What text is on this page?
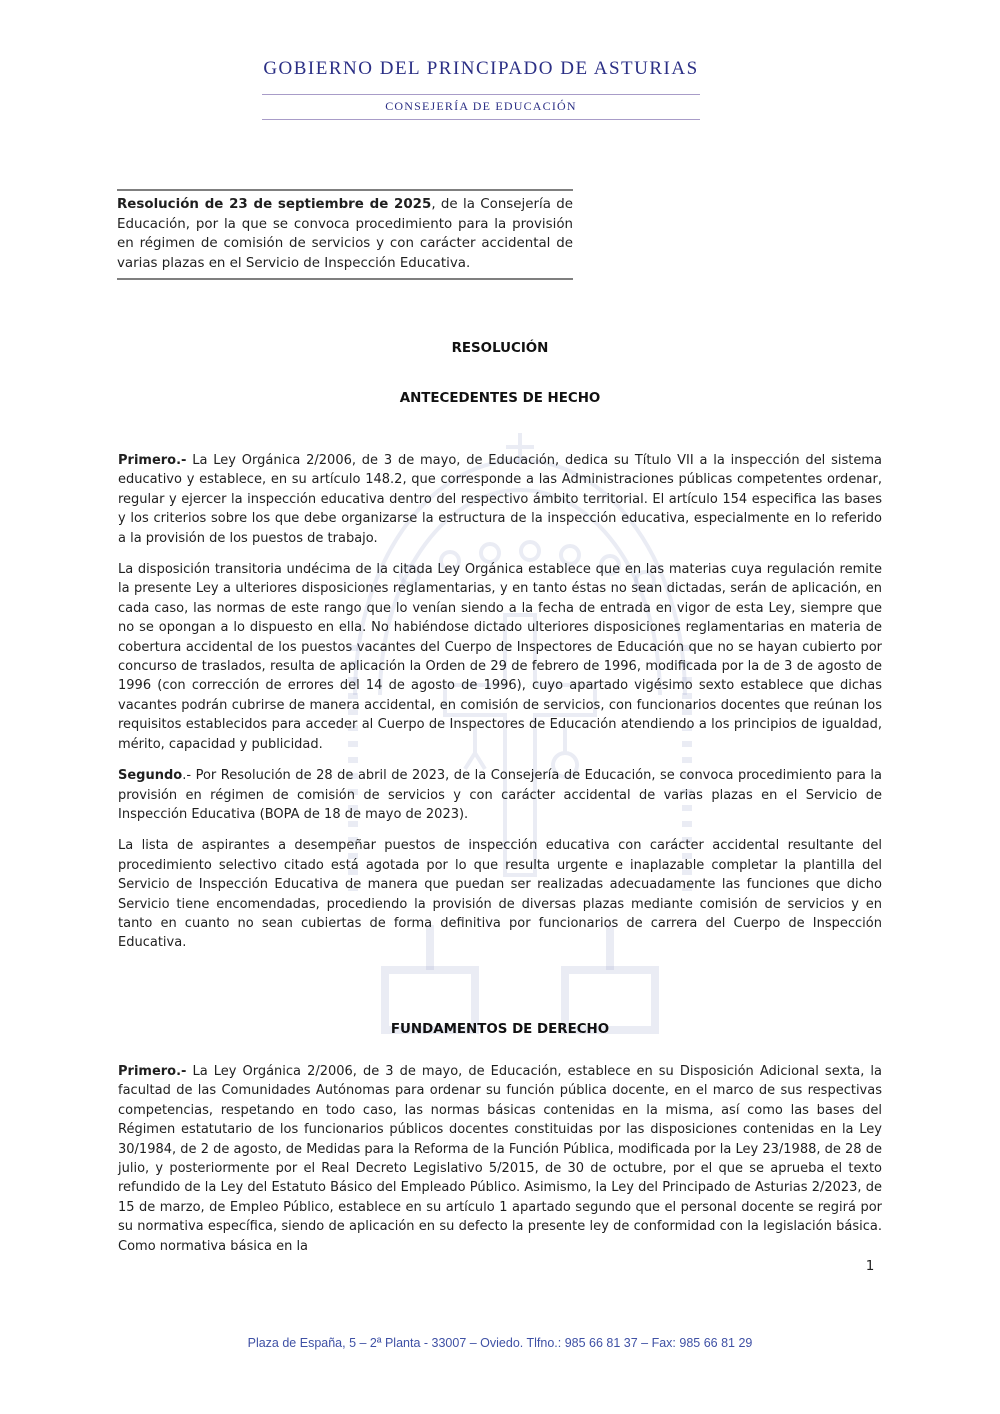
GOBIERNO DEL PRINCIPADO DE ASTURIAS
CONSEJERÍA DE EDUCACIÓN
Resolución de 23 de septiembre de 2025, de la Consejería de Educación, por la que se convoca procedimiento para la provisión en régimen de comisión de servicios y con carácter accidental de varias plazas en el Servicio de Inspección Educativa.
RESOLUCIÓN
ANTECEDENTES DE HECHO

Primero.- La Ley Orgánica 2/2006, de 3 de mayo, de Educación, dedica su Título VII a la inspección del sistema educativo y establece, en su artículo 148.2, que corresponde a las Administraciones públicas competentes ordenar, regular y ejercer la inspección educativa dentro del respectivo ámbito territorial. El artículo 154 especifica las bases y los criterios sobre los que debe organizarse la estructura de la inspección educativa, especialmente en lo referido a la provisión de los puestos de trabajo.

La disposición transitoria undécima de la citada Ley Orgánica establece que en las materias cuya regulación remite la presente Ley a ulteriores disposiciones reglamentarias, y en tanto éstas no sean dictadas, serán de aplicación, en cada caso, las normas de este rango que lo venían siendo a la fecha de entrada en vigor de esta Ley, siempre que no se opongan a lo dispuesto en ella. No habiéndose dictado ulteriores disposiciones reglamentarias en materia de cobertura accidental de los puestos vacantes del Cuerpo de Inspectores de Educación que no se hayan cubierto por concurso de traslados, resulta de aplicación la Orden de 29 de febrero de 1996, modificada por la de 3 de agosto de 1996 (con corrección de errores del 14 de agosto de 1996), cuyo apartado vigésimo sexto establece que dichas vacantes podrán cubrirse de manera accidental, en comisión de servicios, con funcionarios docentes que reúnan los requisitos establecidos para acceder al Cuerpo de Inspectores de Educación atendiendo a los principios de igualdad, mérito, capacidad y publicidad.

Segundo.- Por Resolución de 28 de abril de 2023, de la Consejería de Educación, se convoca procedimiento para la provisión en régimen de comisión de servicios y con carácter accidental de varias plazas en el Servicio de Inspección Educativa (BOPA de 18 de mayo de 2023).

La lista de aspirantes a desempeñar puestos de inspección educativa con carácter accidental resultante del procedimiento selectivo citado está agotada por lo que resulta urgente e inaplazable completar la plantilla del Servicio de Inspección Educativa de manera que puedan ser realizadas adecuadamente las funciones que dicho Servicio tiene encomendadas, procediendo la provisión de diversas plazas mediante comisión de servicios y en tanto en cuanto no sean cubiertas de forma definitiva por funcionarios de carrera del Cuerpo de Inspección Educativa.

FUNDAMENTOS DE DERECHO

Primero.- La Ley Orgánica 2/2006, de 3 de mayo, de Educación, establece en su Disposición Adicional sexta, la facultad de las Comunidades Autónomas para ordenar su función pública docente, en el marco de sus respectivas competencias, respetando en todo caso, las normas básicas contenidas en la misma, así como las bases del Régimen estatutario de los funcionarios públicos docentes constituidas por las disposiciones contenidas en la Ley 30/1984, de 2 de agosto, de Medidas para la Reforma de la Función Pública, modificada por la Ley 23/1988, de 28 de julio, y posteriormente por el Real Decreto Legislativo 5/2015, de 30 de octubre, por el que se aprueba el texto refundido de la Ley del Estatuto Básico del Empleado Público. Asimismo, la Ley del Principado de Asturias 2/2023, de 15 de marzo, de Empleo Público, establece en su artículo 1 apartado segundo que el personal docente se regirá por su normativa específica, siendo de aplicación en su defecto la presente ley de conformidad con la legislación básica. Como normativa básica en la

1
Plaza de España, 5 – 2ª Planta - 33007 – Oviedo. Tlfno.: 985 66 81 37 – Fax: 985 66 81 29
